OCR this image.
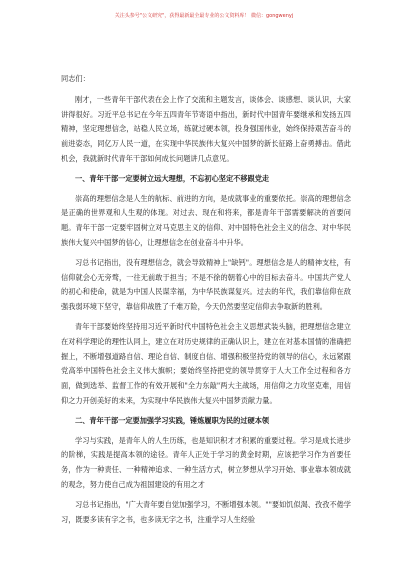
关注头参号"公文研究"，获得最新最全最专业的公文资料库！ 微信：gongwenyj

同志们：

刚才，一些青年干部代表在会上作了交流和主题发言，谈体会、谈感想、谈认识，大家讲得很好。习近平总书记在今年五四青年节寄语中指出，新时代中国青年要继承和发扬五四精神，坚定理想信念，站稳人民立场，练就过硬本领，投身强国伟业，始终保持艰苦奋斗的前进姿态，同亿万人民一道，在实现中华民族伟大复兴中国梦的新长征路上奋勇搏击。借此机会，我就新时代青年干部如何成长问题讲几点意见。

一、青年干部一定要树立远大理想，不忘初心坚定不移跟党走

崇高的理想信念是人生的航标、前进的方向，是成就事业的重要依托。崇高的理想信念是正确的世界观和人生观的体现。对过去、现在和将来，都是青年干部需要解决的首要问题。青年干部一定要牢固树立对马克思主义的信仰、对中国特色社会主义的信念、对中华民族伟大复兴中国梦的信心，让理想信念在创业奋斗中升华。

习总书记指出，没有理想信念，就会导致精神上"缺钙"。理想信念是人的精神支柱，有信仰就会心无旁骛，一往无前敢于担当；不是不徐的朝着心中的目标去奋斗。中国共产党人的初心和使命，就是为中国人民谋幸福，为中华民族谋复兴。过去的年代，我们靠信仰在敌强我弱环境下坚守，靠信仰战胜了千难万险，今天仍然要坚定信仰去争取新的胜利。

青年干部要始终坚持用习近平新时代中国特色社会主义思想武装头脑，把理想信念建立在对科学理论的理性认同上，建立在对历史规律的正确认识上，建立在对基本国情的准确把握上，不断增强道路自信、理论自信、制度自信、增强积极坚持党的领导的信心，永远紧跟党高举中国特色社会主义伟大旗帜；要始终坚持把党的领导贯穿于人大工作全过程和各方面，做到选举、监督工作的有效开展和"全力东敲"两大主战场，用信仰之力攻坚克难，用信仰之力开创美好的未来，为实现中华民族伟大复兴中国梦贡献力量。

二、青年干部一定要加强学习实践，锤炼履职为民的过硬本领

学习与实践，是青年人的人生历练，也是知识积才才积累的重要过程。学习是成长进步的阶梯，实践是提高本领的途径。青年人正处于学习的黄金时期，应该把学习作为首要任务，作为一种责任、一种精神追求、一种生活方式，树立梦想从学习开始、事业靠本领成就的观念，努力使自己成为祖国建设的有用之才

习总书记指出，"广大青年要自觉加强学习，不断增强本领。""要如饥似渴、孜孜不倦学习，既要多读有字之书，也多读无字之书，注重学习人生经验
